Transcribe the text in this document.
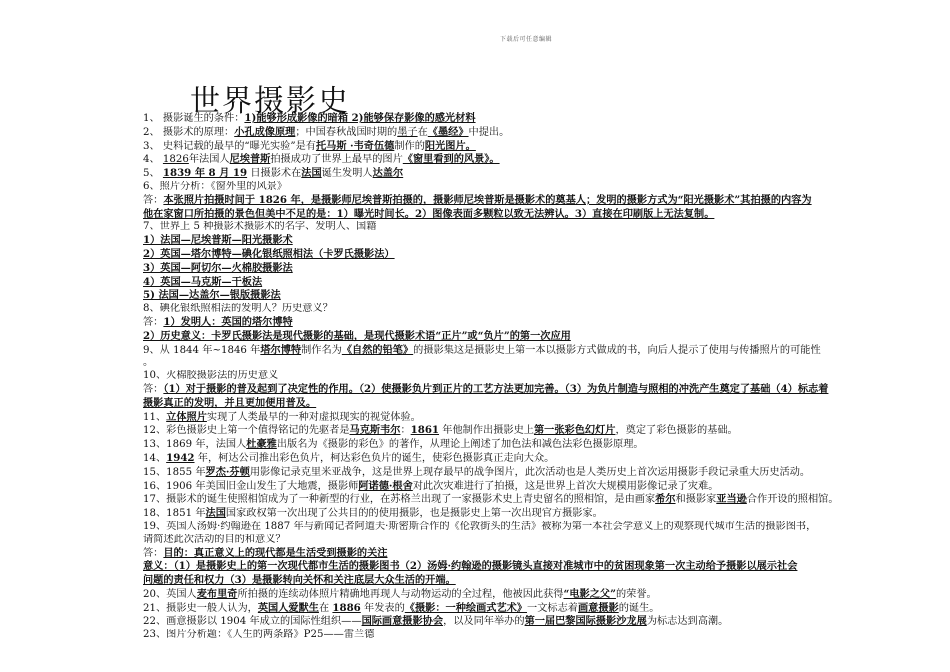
下载后可任意编辑
世界摄影史
1、 摄影诞生的条件：1)能够形成影像的暗箱 2)能够保存影像的感光材料
2、 摄影术的原理：小孔成像原理；中国春秋战国时期的墨子在《墨经》中提出。
3、 史料记载的最早的“曝光实验”是有托马斯 ·韦奇伍德制作的阳光图片。
4、 1826年法国人尼埃普斯拍摄成功了世界上最早的图片《窗里看到的风景》。
5、 1839 年 8 月 19 日摄影术在法国诞生发明人达盖尔
6、照片分析：《窗外里的风景》
答：本张照片拍摄时间于 1826 年，是摄影师尼埃普斯拍摄的，摄影师尼埃普斯是摄影术的奠基人；发明的摄影方式为“阳光摄影术”其拍摄的内容为
他在家窗口所拍摄的景色但美中不足的是：1）曝光时间长。2）图像表面多颗粒以致无法辨认。3）直接在印刷版上无法复制。
7、世界上 5 种摄影术摄影术的名字、发明人、国籍
1）法国—尼埃普斯—阳光摄影术
2）英国—塔尔博特—碘化银纸照相法（卡罗氏摄影法）
3）英国—阿切尔—火棉胶摄影法
4）英国—马克斯—干板法
5) 法国—达盖尔—银版摄影法
8、碘化银纸照相法的发明人？历史意义？
答：1）发明人：英国的塔尔博特
2）历史意义：卡罗氏摄影法是现代摄影的基础，是现代摄影术语“正片”或“负片”的第一次应用
9、从 1844 年~1846 年塔尔博特制作名为《自然的铅笔》的摄影集这是摄影史上第一本以摄影方式做成的书，向后人提示了使用与传播照片的可能性
。
10、火棉胶摄影法的历史意义
答：（1）对于摄影的普及起到了决定性的作用。（2）使摄影负片到正片的工艺方法更加完善。（3）为负片制造与照相的冲洗产生奠定了基础（4）标志着
摄影真正的发明，并且更加便用普及。
11、立体照片实现了人类最早的一种对虚拟现实的视觉体验。
12、彩色摄影史上第一个值得铭记的先驱者是马克斯韦尔：1861 年他制作出摄影史上第一张彩色幻灯片，奠定了彩色摄影的基础。
13、1869 年，法国人杜豪雅出版名为《摄影的彩色》的著作，从理论上阐述了加色法和减色法彩色摄影原理。
14、1942 年，柯达公司推出彩色负片，柯达彩色负片的诞生，使彩色摄影真正走向大众。
15、1855 年罗杰·芬顿用影像记录克里米亚战争，这是世界上现存最早的战争图片，此次活动也是人类历史上首次运用摄影手段记录重大历史活动。
16、1906 年美国旧金山发生了大地震，摄影师阿诺德·根舍对此次灾难进行了拍摄，这是世界上首次大规模用影像记录了灾难。
17、摄影术的诞生使照相馆成为了一种新型的行业，在苏格兰出现了一家摄影术史上青史留名的照相馆，是由画家希尔和摄影家亚当逊合作开设的照相馆。
18、1851 年法国国家政权第一次出现了公共目的的使用摄影，也是摄影史上第一次出现官方摄影家。
19、英国人汤姆·约翰逊在 1887 年与新闻记者阿道夫·斯密斯合作的《伦敦街头的生活》被称为第一本社会学意义上的观察现代城市生活的摄影图书，
请简述此次活动的目的和意义？
答：目的：真正意义上的现代都是生活受到摄影的关注
意义：（1）是摄影史上的第一次现代都市生活的摄影图书（2）汤姆·约翰逊的摄影镜头直接对准城市中的贫困现象第一次主动给予摄影以展示社会
问题的责任和权力（3）是摄影转向关怀和关注底层大众生活的开端。
20、英国人麦布里奇所拍摄的连续动体照片精确地再现人与动物运动的全过程，他被因此获得“电影之父”的荣誉。
21、摄影史一般人认为，英国人爱默生在 1886 年发表的《摄影：一种绘画式艺术》一文标志着画意摄影的诞生。
22、画意摄影以 1904 年成立的国际性组织——国际画意摄影协会，以及同年举办的第一届巴黎国际摄影沙龙展为标志达到高潮。
23、图片分析题：《人生的两条路》P25——雷兰德
